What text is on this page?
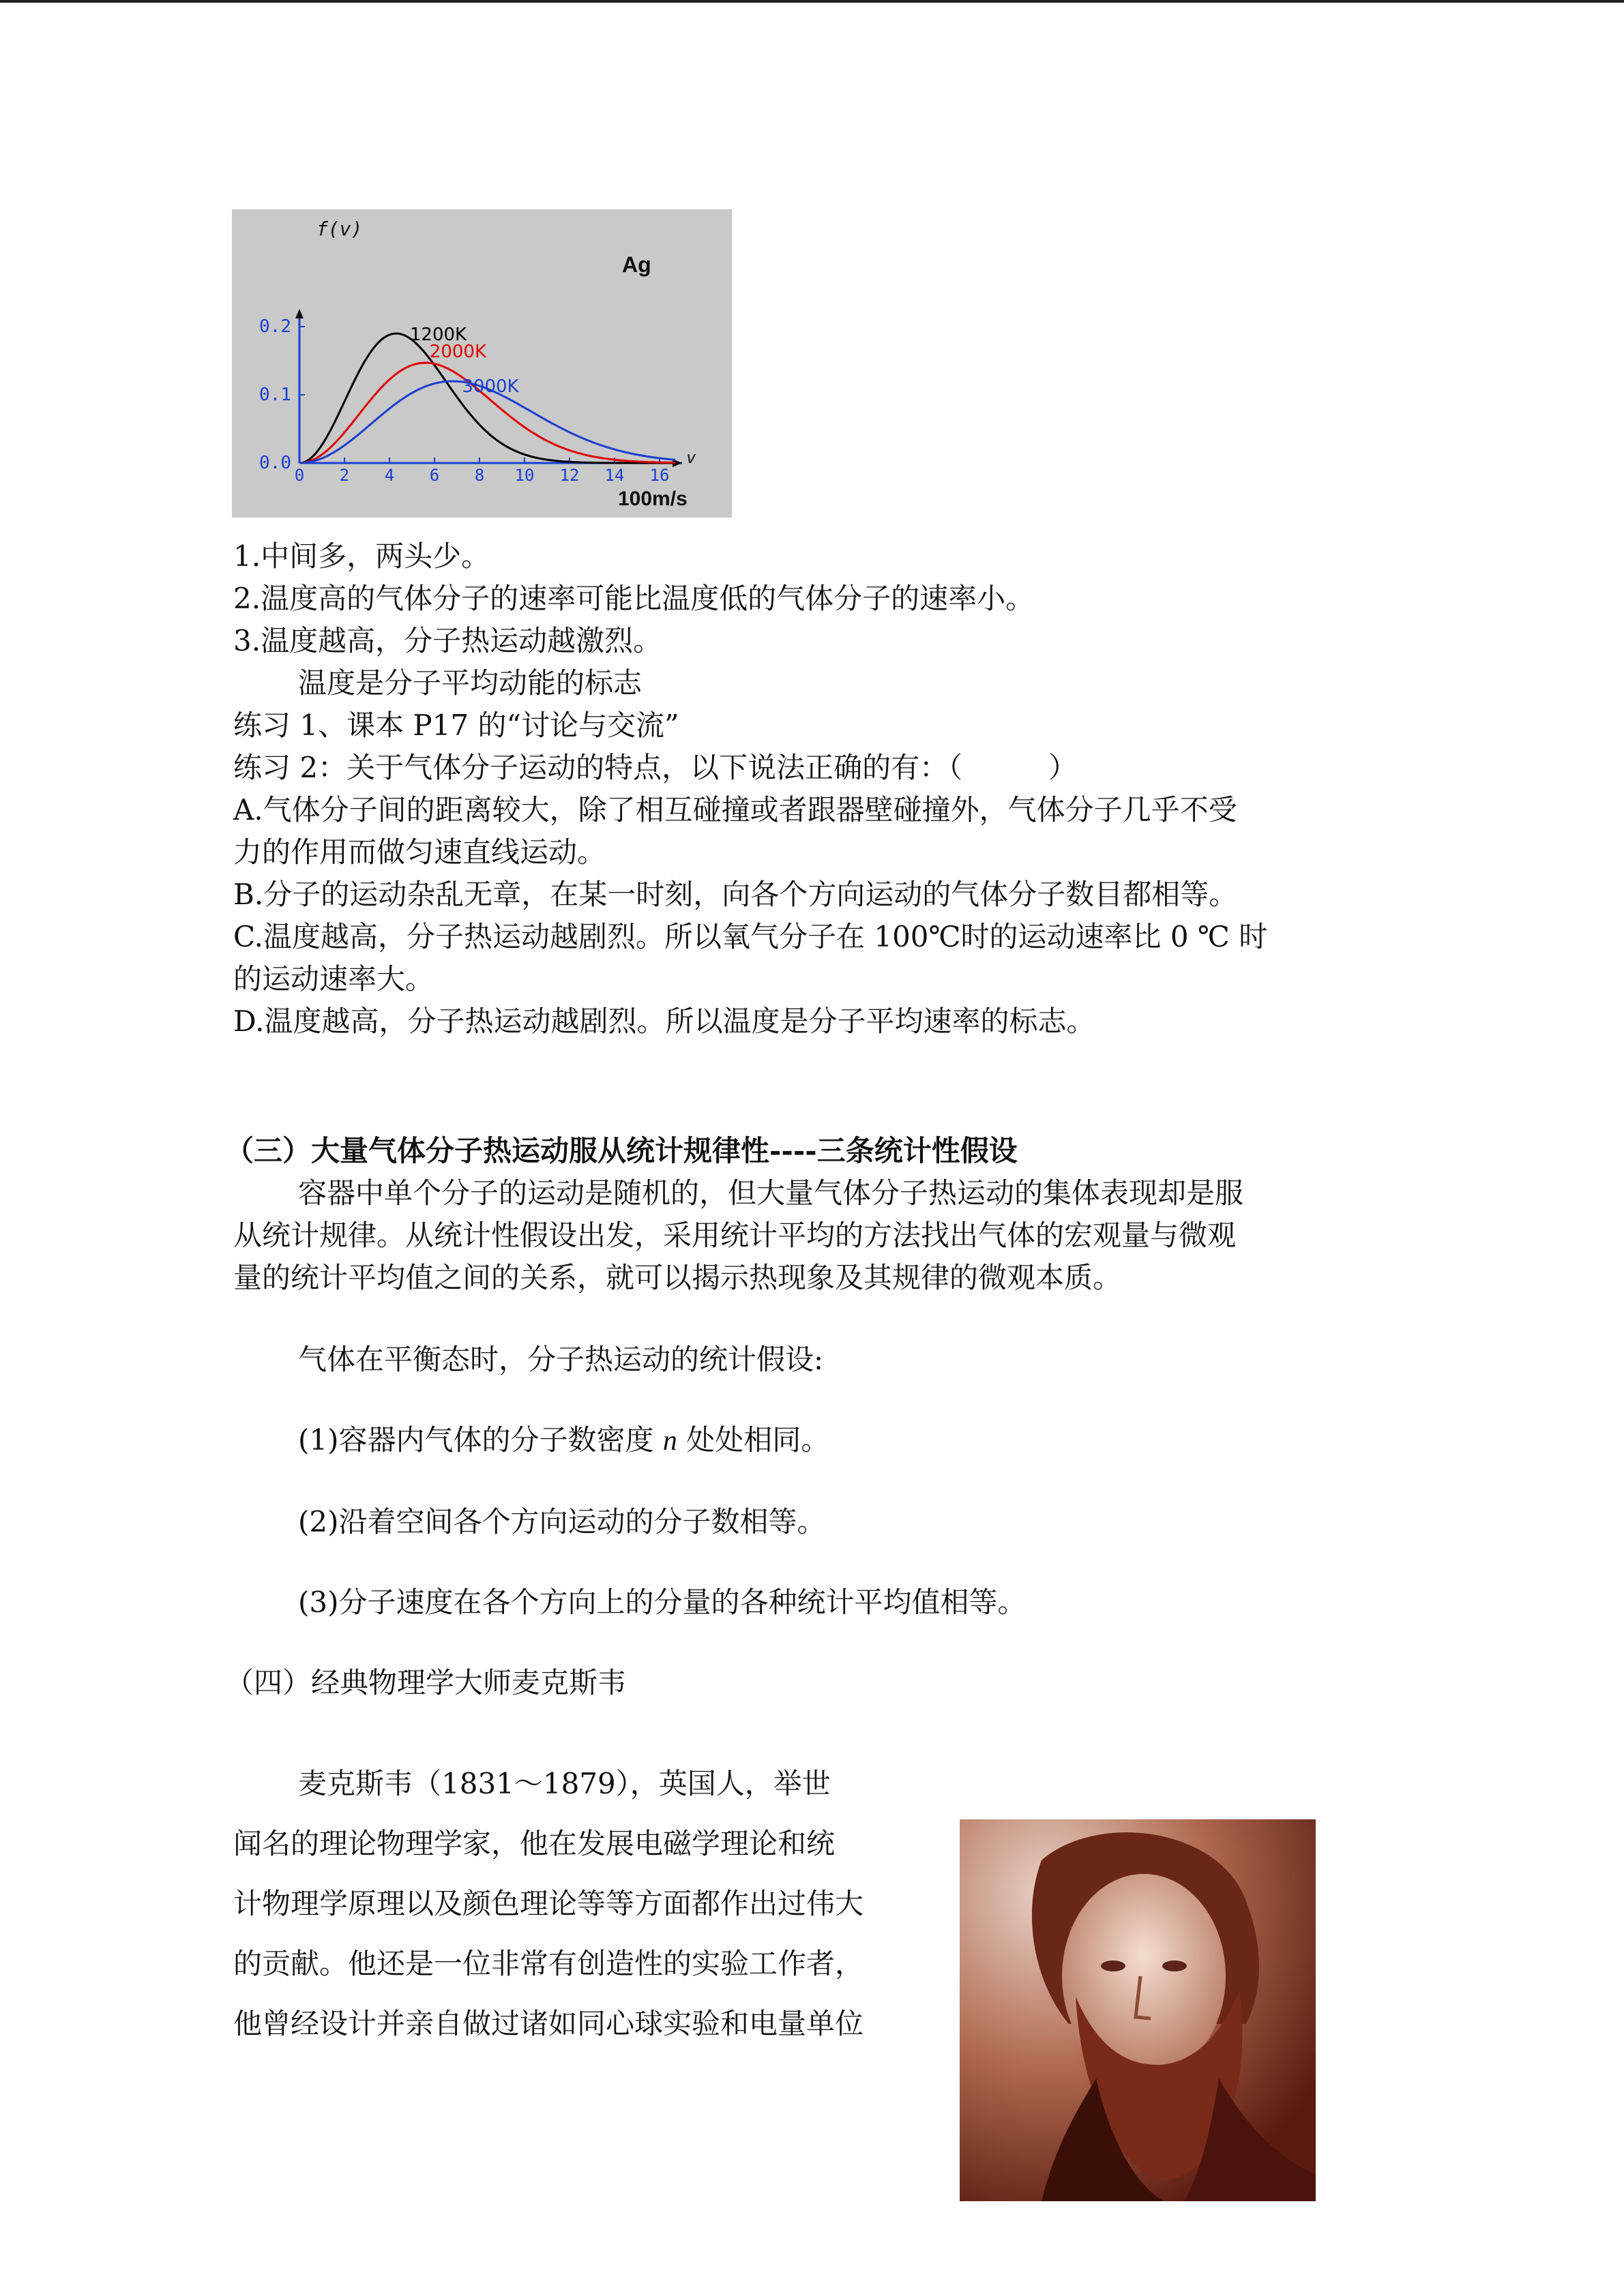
0 2 4 6 8 10 12 14 16
0.0
0.1
0.2	1200K
2000K
3000K
Ag
f(v)
v
100m/s
1.中间多，两头少。
2.温度高的气体分子的速率可能比温度低的气体分子的速率小。
3.温度越高，分子热运动越激烈。
温度是分子平均动能的标志
练习 1、课本 P17 的“讨论与交流”
练习 2：关于气体分子运动的特点，以下说法正确的有：（　　　）
A.气体分子间的距离较大，除了相互碰撞或者跟器壁碰撞外，气体分子几乎不受
力的作用而做匀速直线运动。
B.分子的运动杂乱无章，在某一时刻，向各个方向运动的气体分子数目都相等。
C.温度越高，分子热运动越剧烈。所以氧气分子在 100℃时的运动速率比 0 ℃ 时
的运动速率大。
D.温度越高，分子热运动越剧烈。所以温度是分子平均速率的标志。
（三）大量气体分子热运动服从统计规律性----三条统计性假设
容器中单个分子的运动是随机的，但大量气体分子热运动的集体表现却是服
从统计规律。从统计性假设出发，采用统计平均的方法找出气体的宏观量与微观
量的统计平均值之间的关系，就可以揭示热现象及其规律的微观本质。
气体在平衡态时，分子热运动的统计假设:
(1)容器内气体的分子数密度 n 处处相同。
(2)沿着空间各个方向运动的分子数相等。
(3)分子速度在各个方向上的分量的各种统计平均值相等。
（四）经典物理学大师麦克斯韦
麦克斯韦（1831～1879），英国人，举世
闻名的理论物理学家，他在发展电磁学理论和统
计物理学原理以及颜色理论等等方面都作出过伟大
的贡献。他还是一位非常有创造性的实验工作者，
他曾经设计并亲自做过诸如同心球实验和电量单位
